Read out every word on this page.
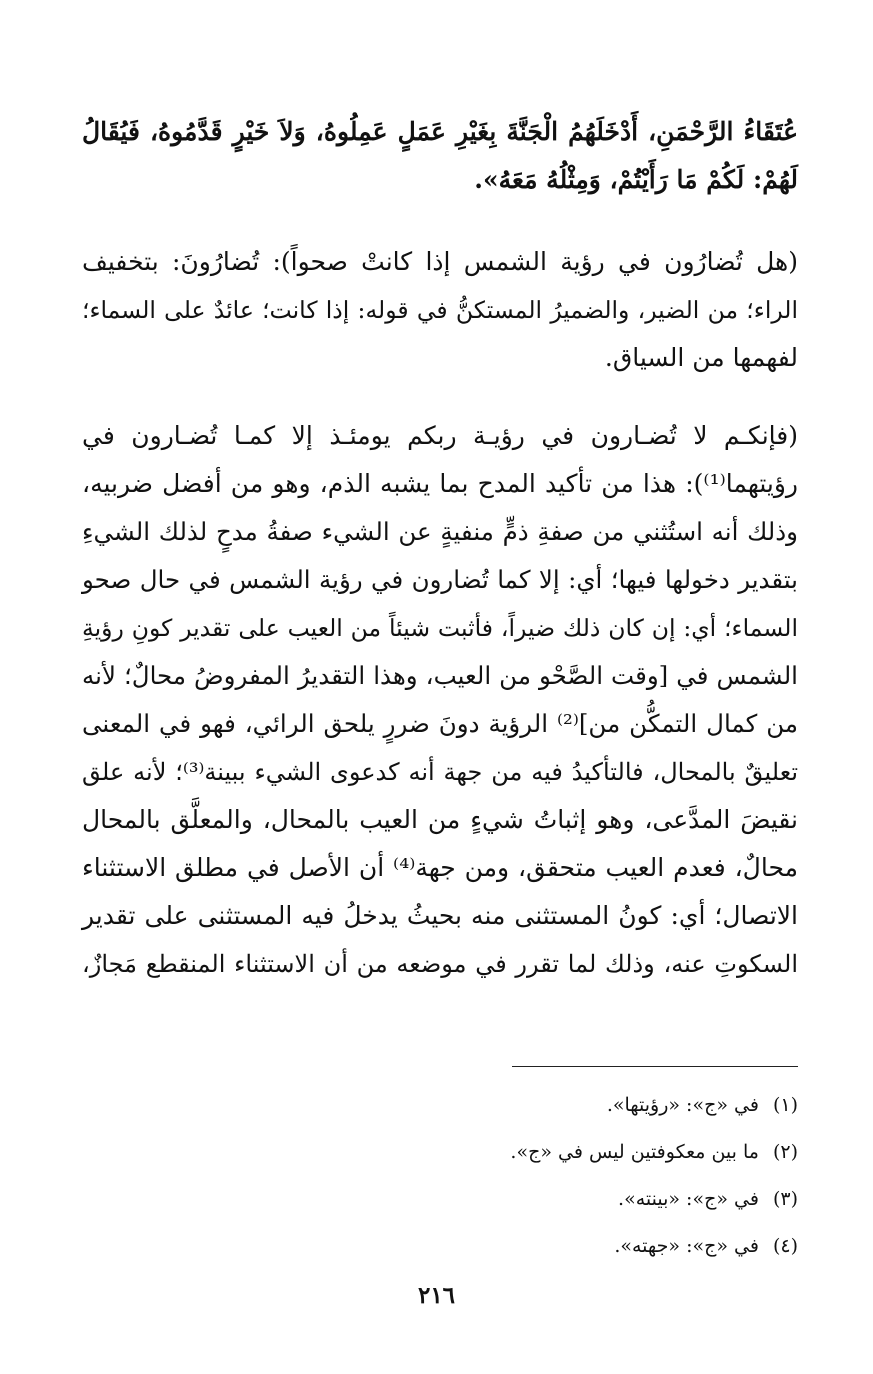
عُتَقَاءُ الرَّحْمَنِ، أَدْخَلَهُمُ الْجَنَّةَ بِغَيْرِ عَمَلٍ عَمِلُوهُ، وَلاَ خَيْرٍ قَدَّمُوهُ، فَيُقَالُ
لَهُمْ: لَكُمْ مَا رَأَيْتُمْ، وَمِثْلُهُ مَعَهُ».
(هل تُضارُون في رؤية الشمس إذا كانتْ صحواً): تُضارُونَ: بتخفيف
الراء؛ من الضير، والضميرُ المستكنُّ في قوله: إذا كانت؛ عائدٌ على السماء؛
لفهمها من السياق.
(فإنكـم لا تُضـارون في رؤيـة ربكم يومئـذ إلا كمـا تُضـارون في
رؤيتهما⁽¹⁾): هذا من تأكيد المدح بما يشبه الذم، وهو من أفضل ضربيه،
وذلك أنه استُثني من صفةِ ذمٍّ منفيةٍ عن الشيء صفةُ مدحٍ لذلك الشيءِ
بتقدير دخولها فيها؛ أي: إلا كما تُضارون في رؤية الشمس في حال صحو
السماء؛ أي: إن كان ذلك ضيراً، فأثبت شيئاً من العيب على تقدير كونِ رؤيةِ
الشمس في [وقت الصَّحْو من العيب، وهذا التقديرُ المفروضُ محالٌ؛ لأنه
من كمال التمكُّن من]⁽²⁾ الرؤية دونَ ضررٍ يلحق الرائي، فهو في المعنى
تعليقٌ بالمحال، فالتأكيدُ فيه من جهة أنه كدعوى الشيء ببينة⁽³⁾؛ لأنه علق
نقيضَ المدَّعى، وهو إثباتُ شيءٍ من العيب بالمحال، والمعلَّق بالمحال
محالٌ، فعدم العيب متحقق، ومن جهة⁽⁴⁾ أن الأصل في مطلق الاستثناء
الاتصال؛ أي: كونُ المستثنى منه بحيثُ يدخلُ فيه المستثنى على تقدير
السكوتِ عنه، وذلك لما تقرر في موضعه من أن الاستثناء المنقطع مَجازٌ،
(١)في «ج»: «رؤيتها».
(٢)ما بين معكوفتين ليس في «ج».
(٣)في «ج»: «بينته».
(٤)في «ج»: «جهته».
٢١٦
